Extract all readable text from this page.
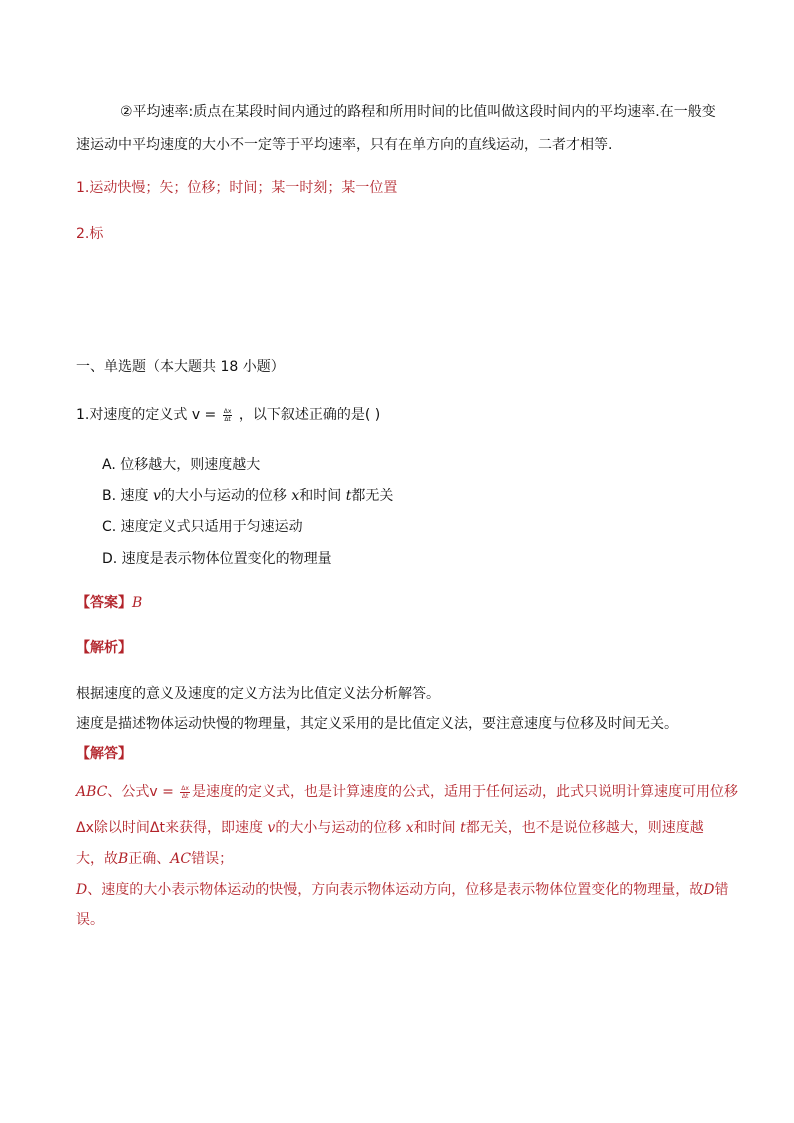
②平均速率:质点在某段时间内通过的路程和所用时间的比值叫做这段时间内的平均速率.在一般变
速运动中平均速度的大小不一定等于平均速率，只有在单方向的直线运动，二者才相等.
1.运动快慢；矢；位移；时间；某一时刻；某一位置
2.标
一、单选题（本大题共 18 小题）
1.对速度的定义式 $v = \frac{\Delta x}{\Delta t}$ ，以下叙述正确的是( )
A. 位移越大，则速度越大
B. 速度 v的大小与运动的位移 x和时间 t都无关
C. 速度定义式只适用于匀速运动
D. 速度是表示物体位置变化的物理量
【答案】B
【解析】
根据速度的意义及速度的定义方法为比值定义法分析解答。
速度是描述物体运动快慢的物理量，其定义采用的是比值定义法，要注意速度与位移及时间无关。
【解答】
ABC、公式$v = \frac{\Delta x}{\Delta t}$ 是速度的定义式，也是计算速度的公式，适用于任何运动，此式只说明计算速度可用位移
Δx除以时间Δt来获得，即速度 v的大小与运动的位移 x和时间 t都无关，也不是说位移越大，则速度越
大，故B正确、AC错误；
D、速度的大小表示物体运动的快慢，方向表示物体运动方向，位移是表示物体位置变化的物理量，故D错
误。
